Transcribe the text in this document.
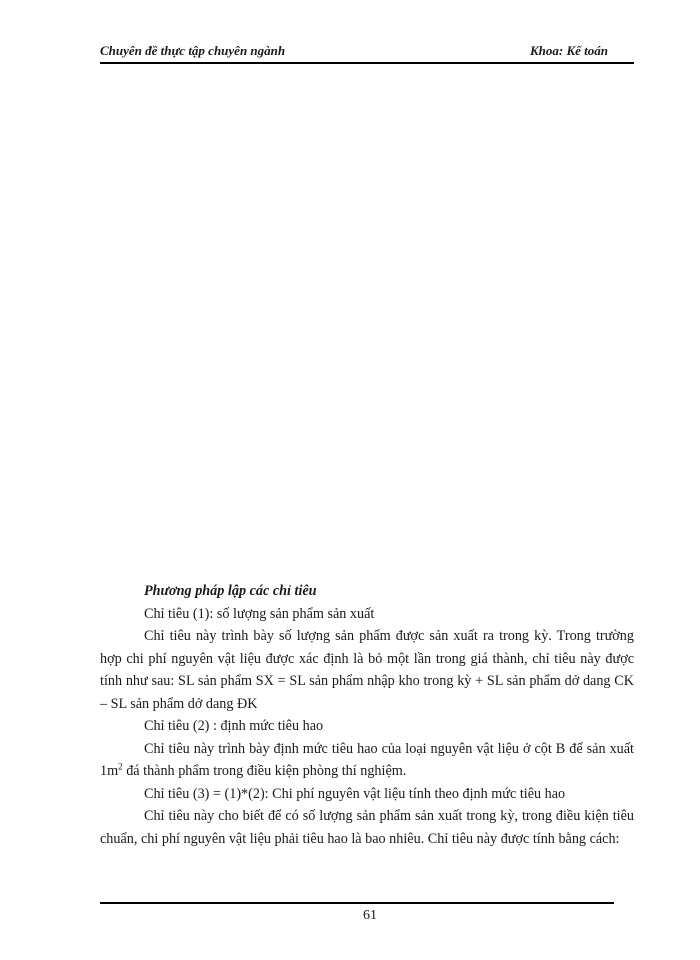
Chuyên đề thực tập chuyên ngành	Khoa: Kế toán

Phương pháp lập các chỉ tiêu

Chỉ tiêu (1): số lượng sản phẩm sản xuất

Chỉ tiêu này trình bày số lượng sản phẩm được sản xuất ra trong kỳ. Trong trường hợp chi phí nguyên vật liệu được xác định là bỏ một lần trong giá thành, chỉ tiêu này được tính như sau: SL sản phẩm SX = SL sản phẩm nhập kho trong kỳ + SL sản phẩm dở dang CK – SL sản phẩm dở dang ĐK

Chỉ tiêu (2) : định mức tiêu hao

Chỉ tiêu này trình bày định mức tiêu hao của loại nguyên vật liệu ở cột B để sản xuất $1m^2$ đá thành phẩm trong điều kiện phòng thí nghiệm.

Chỉ tiêu (3) = (1)*(2): Chi phí nguyên vật liệu tính theo định mức tiêu hao

Chỉ tiêu này cho biết để có số lượng sản phẩm sản xuất trong kỳ, trong điều kiện tiêu chuẩn, chi phí nguyên vật liệu phải tiêu hao là bao nhiêu. Chỉ tiêu này được tính bằng cách:

61
